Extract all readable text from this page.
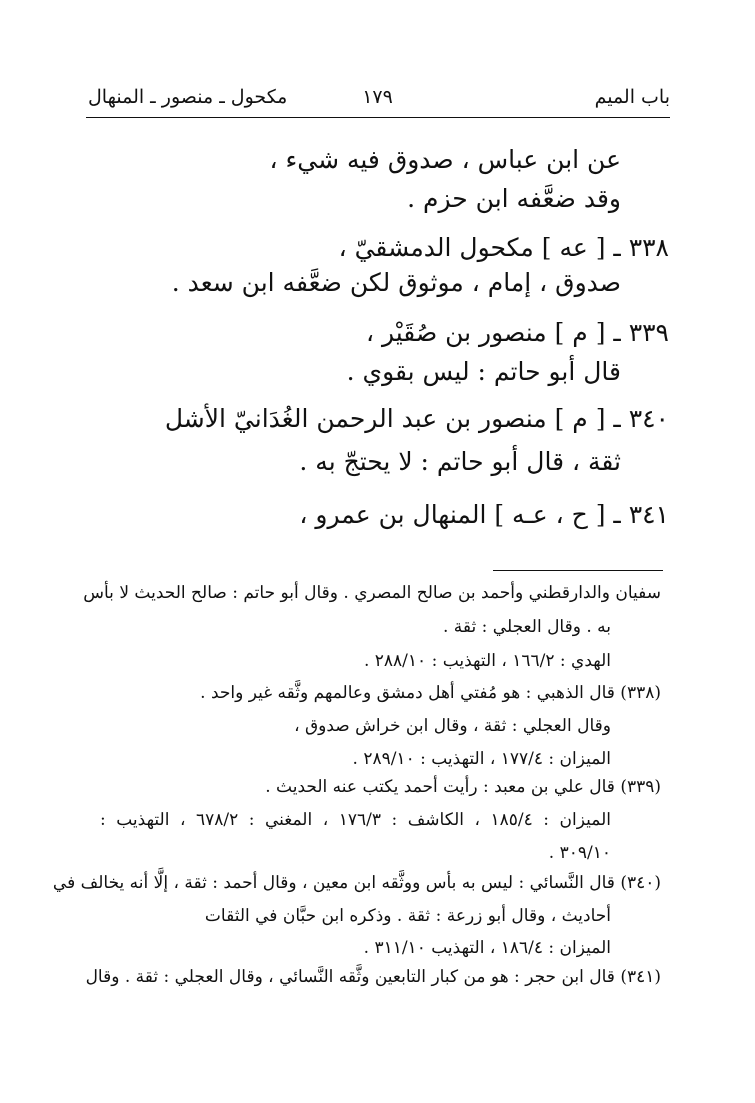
باب الميم
١٧٩
مكحول ـ منصور ـ المنهال
عن ابن عباس ، صدوق فيه شيء ،
وقد ضعَّفه ابن حزم .
٣٣٨ ـ [ عه ] مكحول الدمشقيّ ،
صدوق ، إمام ، موثوق لكن ضعَّفه ابن سعد .
٣٣٩ ـ [ م ] منصور بن صُقَيْر ،
قال أبو حاتم : ليس بقوي .
٣٤٠ ـ [ م ] منصور بن عبد الرحمن الغُدَانيّ الأشل
ثقة ، قال أبو حاتم : لا يحتجّ به .
٣٤١ ـ [ ح ، عـه ] المنهال بن عمرو ،
سفيان والدارقطني وأحمد بن صالح المصري . وقال أبو حاتم : صالح الحديث لا بأس
به . وقال العجلي : ثقة .
الهدي : ١٦٦/٢ ، التهذيب : ٢٨٨/١٠ .
(٣٣٨) قال الذهبي : هو مُفتي أهل دمشق وعالمهم وثَّقه غير واحد .
وقال العجلي : ثقة ، وقال ابن خراش صدوق ،
الميزان : ١٧٧/٤ ، التهذيب : ٢٨٩/١٠ .
(٣٣٩) قال علي بن معبد : رأيت أحمد يكتب عنه الحديث .
الميزان : ١٨٥/٤ ، الكاشف : ١٧٦/٣ ، المغني : ٦٧٨/٢ ، التهذيب :
٣٠٩/١٠ .
(٣٤٠) قال النَّسائي : ليس به بأس ووثَّقه ابن معين ، وقال أحمد : ثقة ، إلَّا أنه يخالف في
أحاديث ، وقال أبو زرعة : ثقة . وذكره ابن حبَّان في الثقات
الميزان : ١٨٦/٤ ، التهذيب ٣١١/١٠ .
(٣٤١) قال ابن حجر : هو من كبار التابعين وثَّقه النَّسائي ، وقال العجلي : ثقة . وقال
